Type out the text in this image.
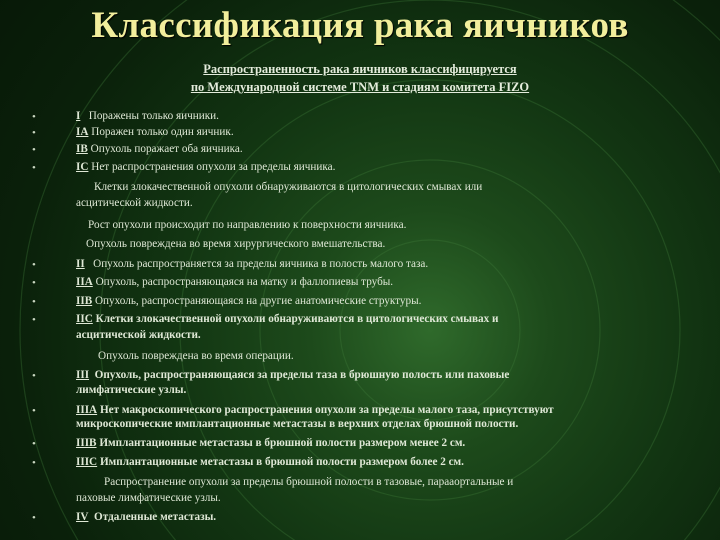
Классификация рака яичников
Распространенность рака яичников классифицируется
по Международной системе TNM и стадиям комитета FIZO
•	I Поражены только яичники.
•	IA Поражен только один яичник.
•	IB Опухоль поражает оба яичника.
•	IC Нет распространения опухоли за пределы яичника.
Клетки злокачественной опухоли обнаруживаются в цитологических смывах или
асцитической жидкости.
Рост опухоли происходит по направлению к поверхности яичника.
Опухоль повреждена во время хирургического вмешательства.
•	II Опухоль распространяется за пределы яичника в полость малого таза.
•	IIA Опухоль, распространяющаяся на матку и фаллопиевы трубы.
•	IIB Опухоль, распространяющаяся на другие анатомические структуры.
•	IIC Клетки злокачественной опухоли обнаруживаются в цитологических смывах и
асцитической жидкости.
Опухоль повреждена во время операции.
•	III Опухоль, распространяющаяся за пределы таза в брюшную полость или паховые
лимфатические узлы.
•	IIIA Нет макроскопического распространения опухоли за пределы малого таза, присутствуют
микроскопические имплантационные метастазы в верхних отделах брюшной полости.
•	IIIB Имплантационные метастазы в брюшной полости размером менее 2 см.
•	IIIC Имплантационные метастазы в брюшной полости размером более 2 см.
Распространение опухоли за пределы брюшной полости в тазовые, парааортальные и
паховые лимфатические узлы.
•	IV Отдаленные метастазы.
